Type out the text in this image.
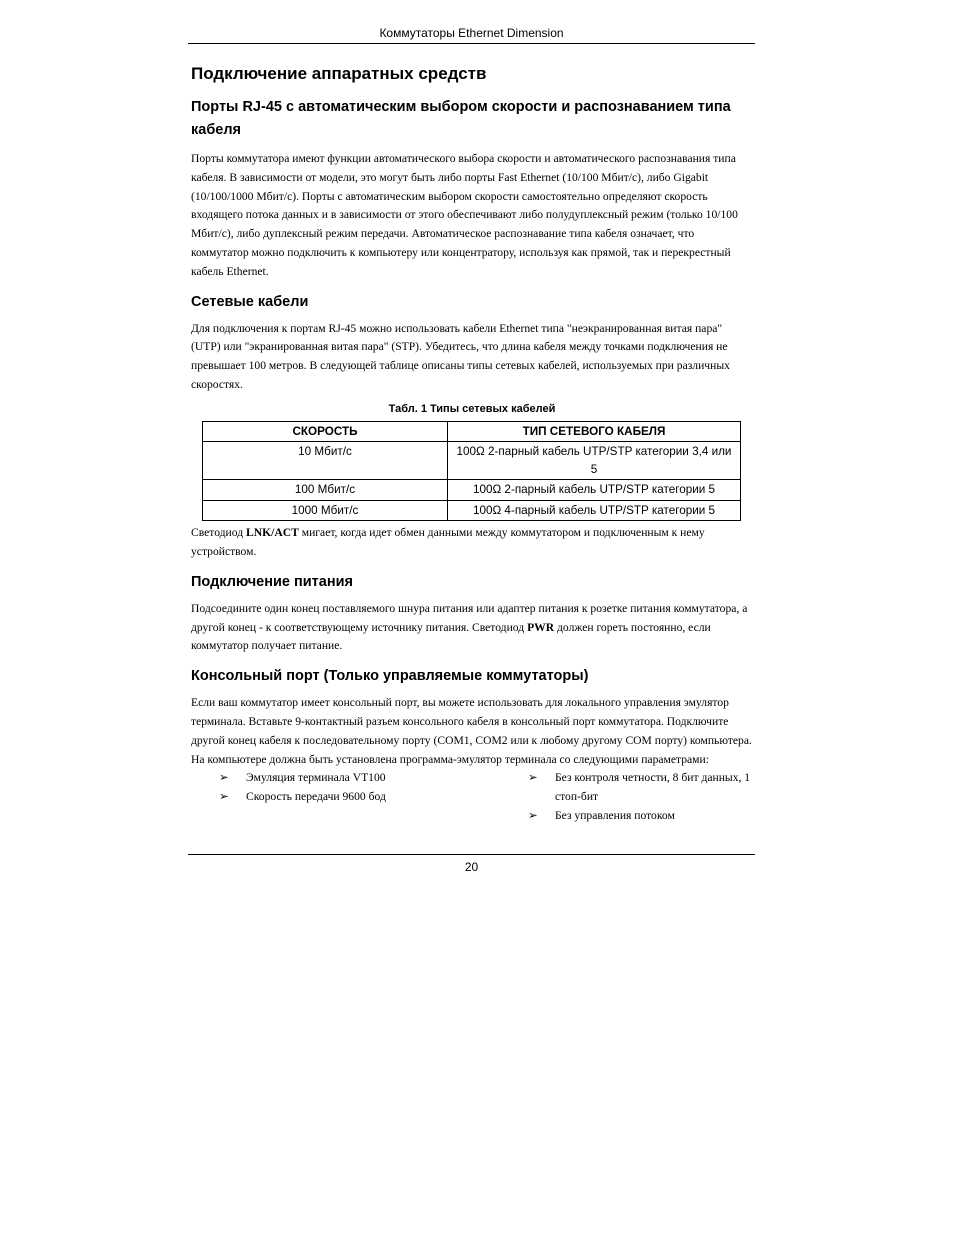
Коммутаторы Ethernet Dimension
Подключение аппаратных средств
Порты RJ-45 с автоматическим выбором скорости и распознаванием типа кабеля

Порты коммутатора имеют функции автоматического выбора скорости и автоматического распознавания типа кабеля. В зависимости от модели, это могут быть либо порты Fast Ethernet (10/100 Мбит/с), либо Gigabit (10/100/1000 Мбит/с). Порты с автоматическим выбором скорости самостоятельно определяют скорость входящего потока данных и в зависимости от этого обеспечивают либо полудуплексный режим (только 10/100 Мбит/с), либо дуплексный режим передачи. Автоматическое распознавание типа кабеля означает, что коммутатор можно подключить к компьютеру или концентратору, используя как прямой, так и перекрестный кабель Ethernet.

Сетевые кабели

Для подключения к портам RJ-45 можно использовать кабели Ethernet типа "неэкранированная витая пара" (UTP) или "экранированная витая пара" (STP). Убедитесь, что длина кабеля между точками подключения не превышает 100 метров. В следующей таблице описаны типы сетевых кабелей, используемых при различных скоростях.

Табл. 1 Типы сетевых кабелей
СКОРОСТЬ	ТИП СЕТЕВОГО КАБЕЛЯ
10 Мбит/с	100Ω 2-парный кабель UTP/STP категории 3,4 или 5
100 Мбит/с	100Ω 2-парный кабель UTP/STP категории 5
1000 Мбит/с	100Ω 4-парный кабель UTP/STP категории 5

Светодиод LNK/ACT мигает, когда идет обмен данными между коммутатором и подключенным к нему устройством.

Подключение питания

Подсоедините один конец поставляемого шнура питания или адаптер питания к розетке питания коммутатора, а другой конец - к соответствующему источнику питания. Светодиод PWR должен гореть постоянно, если коммутатор получает питание.

Консольный порт (Только управляемые коммутаторы)

Если ваш коммутатор имеет консольный порт, вы можете использовать для локального управления эмулятор терминала. Вставьте 9-контактный разъем консольного кабеля в консольный порт коммутатора. Подключите другой конец кабеля к последовательному порту (COM1, COM2 или к любому другому COM порту) компьютера. На компьютере должна быть установлена программа-эмулятор терминала со следующими параметрами:

➢	Эмуляция терминала VT100
➢	Скорость передачи 9600 бод
➢	Без контроля четности, 8 бит данных, 1 стоп-бит
➢	Без управления потоком
20
